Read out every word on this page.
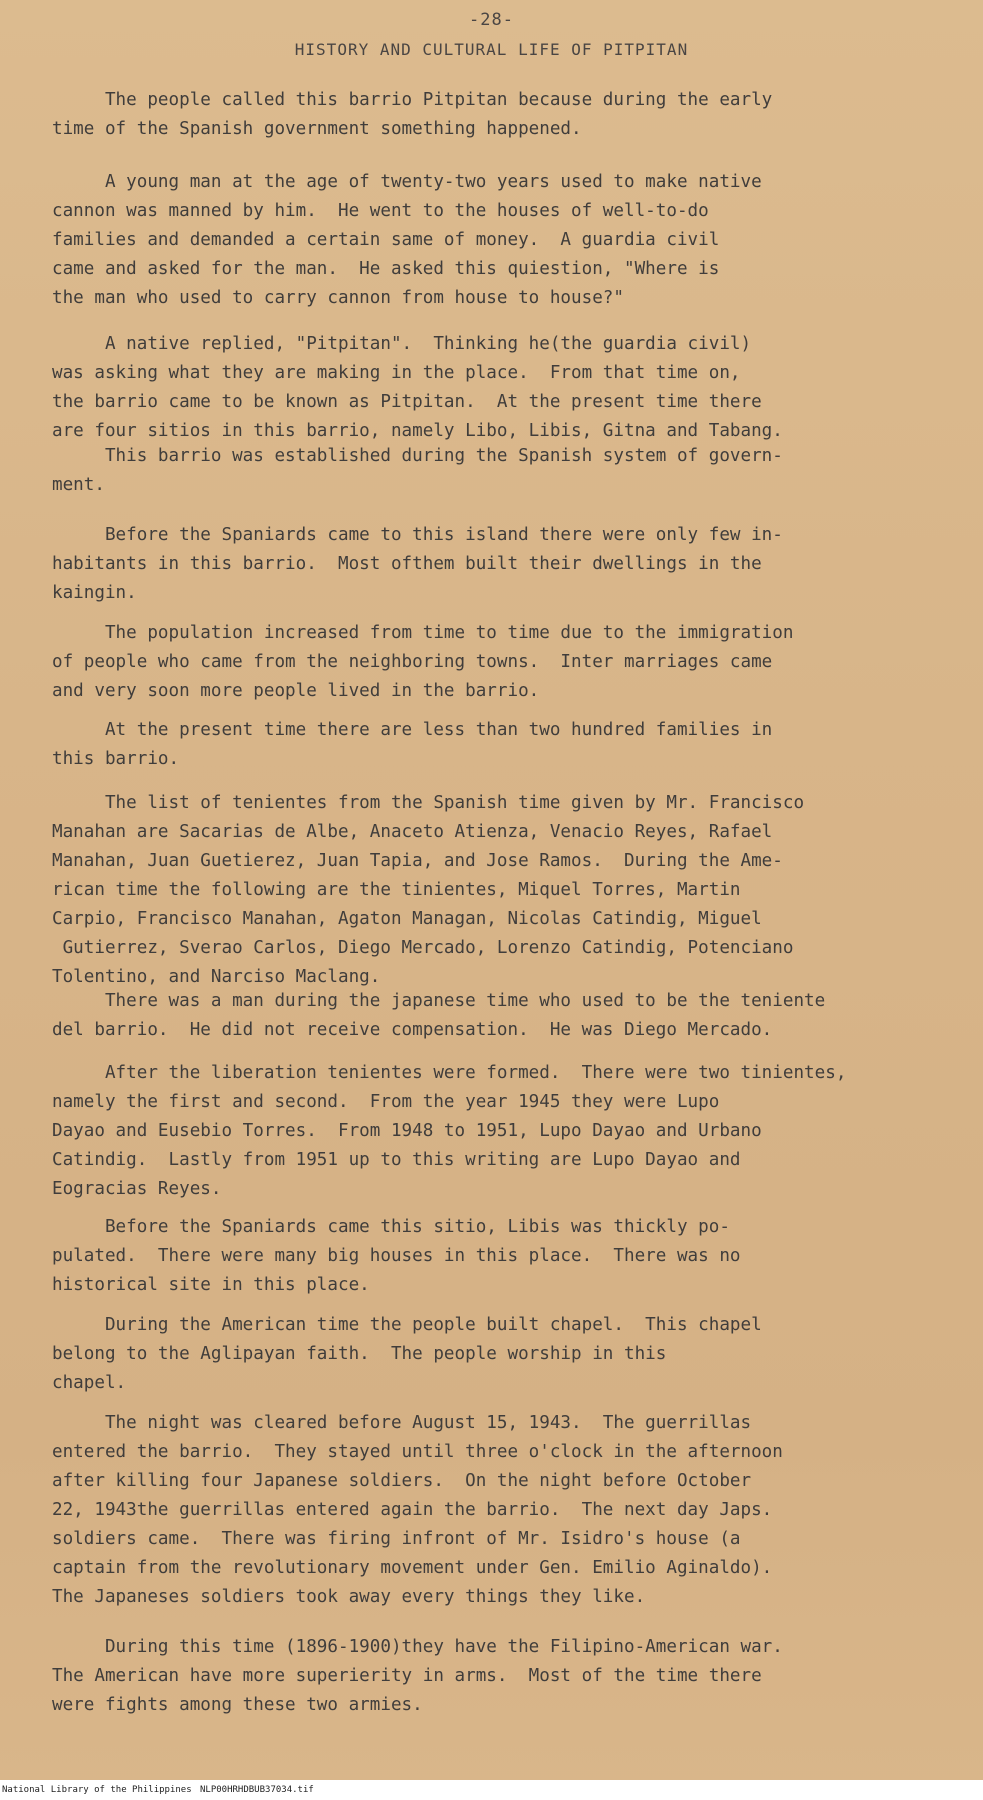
-28-
HISTORY AND CULTURAL LIFE OF PITPITAN

The people called this barrio Pitpitan because during the early
time of the Spanish government something happened.

A young man at the age of twenty-two years used to make native
cannon was manned by him.  He went to the houses of well-to-do
families and demanded a certain same of money.  A guardia civil
came and asked for the man.  He asked this quiestion, "Where is
the man who used to carry cannon from house to house?"

A native replied, "Pitpitan".  Thinking he(the guardia civil)
was asking what they are making in the place.  From that time on,
the barrio came to be known as Pitpitan.  At the present time there
are four sitios in this barrio, namely Libo, Libis, Gitna and Tabang.

This barrio was established during the Spanish system of govern-
ment.

Before the Spaniards came to this island there were only few in-
habitants in this barrio.  Most ofthem built their dwellings in the
kaingin.

The population increased from time to time due to the immigration
of people who came from the neighboring towns.  Inter marriages came
and very soon more people lived in the barrio.

At the present time there are less than two hundred families in
this barrio.

The list of tenientes from the Spanish time given by Mr. Francisco
Manahan are Sacarias de Albe, Anaceto Atienza, Venacio Reyes, Rafael
Manahan, Juan Guetierez, Juan Tapia, and Jose Ramos.  During the Ame-
rican time the following are the tinientes, Miquel Torres, Martin
Carpio, Francisco Manahan, Agaton Managan, Nicolas Catindig, Miguel
Gutierrez, Sverao Carlos, Diego Mercado, Lorenzo Catindig, Potenciano
Tolentino, and Narciso Maclang.

There was a man during the japanese time who used to be the teniente
del barrio.  He did not receive compensation.  He was Diego Mercado.

After the liberation tenientes were formed.  There were two tinientes,
namely the first and second.  From the year 1945 they were Lupo
Dayao and Eusebio Torres.  From 1948 to 1951, Lupo Dayao and Urbano
Catindig.  Lastly from 1951 up to this writing are Lupo Dayao and
Eogracias Reyes.

Before the Spaniards came this sitio, Libis was thickly po-
pulated.  There were many big houses in this place.  There was no
historical site in this place.

During the American time the people built chapel.  This chapel
belong to the Aglipayan faith.  The people worship in this
chapel.

The night was cleared before August 15, 1943.  The guerrillas
entered the barrio.  They stayed until three o'clock in the afternoon
after killing four Japanese soldiers.  On the night before October
22, 1943the guerrillas entered again the barrio.  The next day Japs.
soldiers came.  There was firing infront of Mr. Isidro's house (a
captain from the revolutionary movement under Gen. Emilio Aginaldo).
The Japaneses soldiers took away every things they like.

During this time (1896-1900)they have the Filipino-American war.
The American have more superierity in arms.  Most of the time there
were fights among these two armies.

National Library of the Philippines NLP00HRHDBUB37034.tif
